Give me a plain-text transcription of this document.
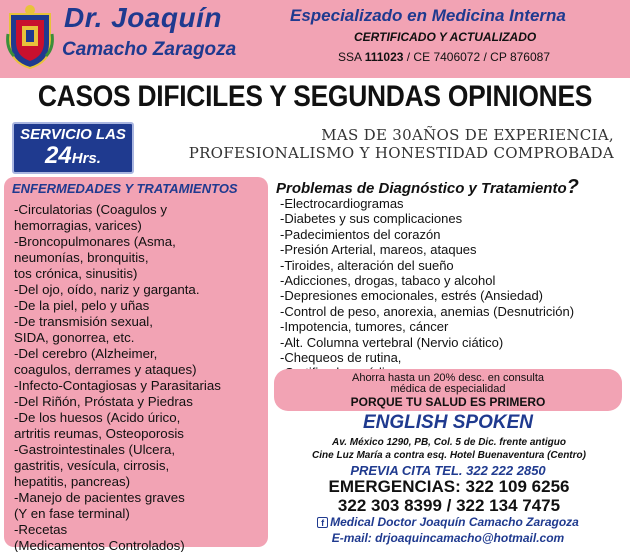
Dr. Joaquín
Camacho Zaragoza
Especializado en Medicina Interna
CERTIFICADO Y ACTUALIZADO
SSA 111023 / CE 7406072 / CP 876087
CASOS DIFICILES Y SEGUNDAS OPINIONES
SERVICIO LAS
24Hrs.
MAS DE 30AÑOS DE EXPERIENCIA,
PROFESIONALISMO Y HONESTIDAD COMPROBADA
ENFERMEDADES Y TRATAMIENTOS
-Circulatorias (Coagulos y
hemorragias, varices)
-Broncopulmonares (Asma,
neumonías, bronquitis,
tos crónica, sinusitis)
-Del ojo, oído, nariz y garganta.
-De la piel, pelo y uñas
-De transmisión sexual,
SIDA, gonorrea, etc.
-Del cerebro (Alzheimer,
coagulos, derrames y ataques)
-Infecto-Contagiosas y Parasitarias
-Del Riñón, Próstata y Piedras
-De los huesos (Acido úrico,
artritis reumas, Osteoporosis
-Gastrointestinales (Ulcera,
gastritis, vesícula, cirrosis,
hepatitis, pancreas)
-Manejo de pacientes graves
(Y en fase terminal)
-Recetas
(Medicamentos Controlados)
Problemas de Diagnóstico y Tratamiento?
-Electrocardiogramas
-Diabetes y sus complicaciones
-Padecimientos del corazón
-Presión Arterial, mareos, ataques
-Tiroides, alteración del sueño
-Adicciones, drogas, tabaco y alcohol
-Depresiones emocionales, estrés (Ansiedad)
-Control de peso, anorexia, anemias (Desnutrición)
-Impotencia, tumores, cáncer
-Alt. Columna vertebral (Nervio ciático)
-Chequeos de rutina,
Ahorra hasta un 20% desc. en consulta
médica de especialidad
PORQUE TU SALUD ES PRIMERO
ENGLISH SPOKEN
Av. México 1290, PB, Col. 5 de Dic. frente antiguo
Cine Luz María a contra esq. Hotel Buenaventura (Centro)
PREVIA CITA TEL. 322 222 2850
EMERGENCIAS: 322 109 6256
322 303 8399 / 322 134 7475
f Medical Doctor Joaquín Camacho Zaragoza
E-mail: drjoaquincamacho@hotmail.com
